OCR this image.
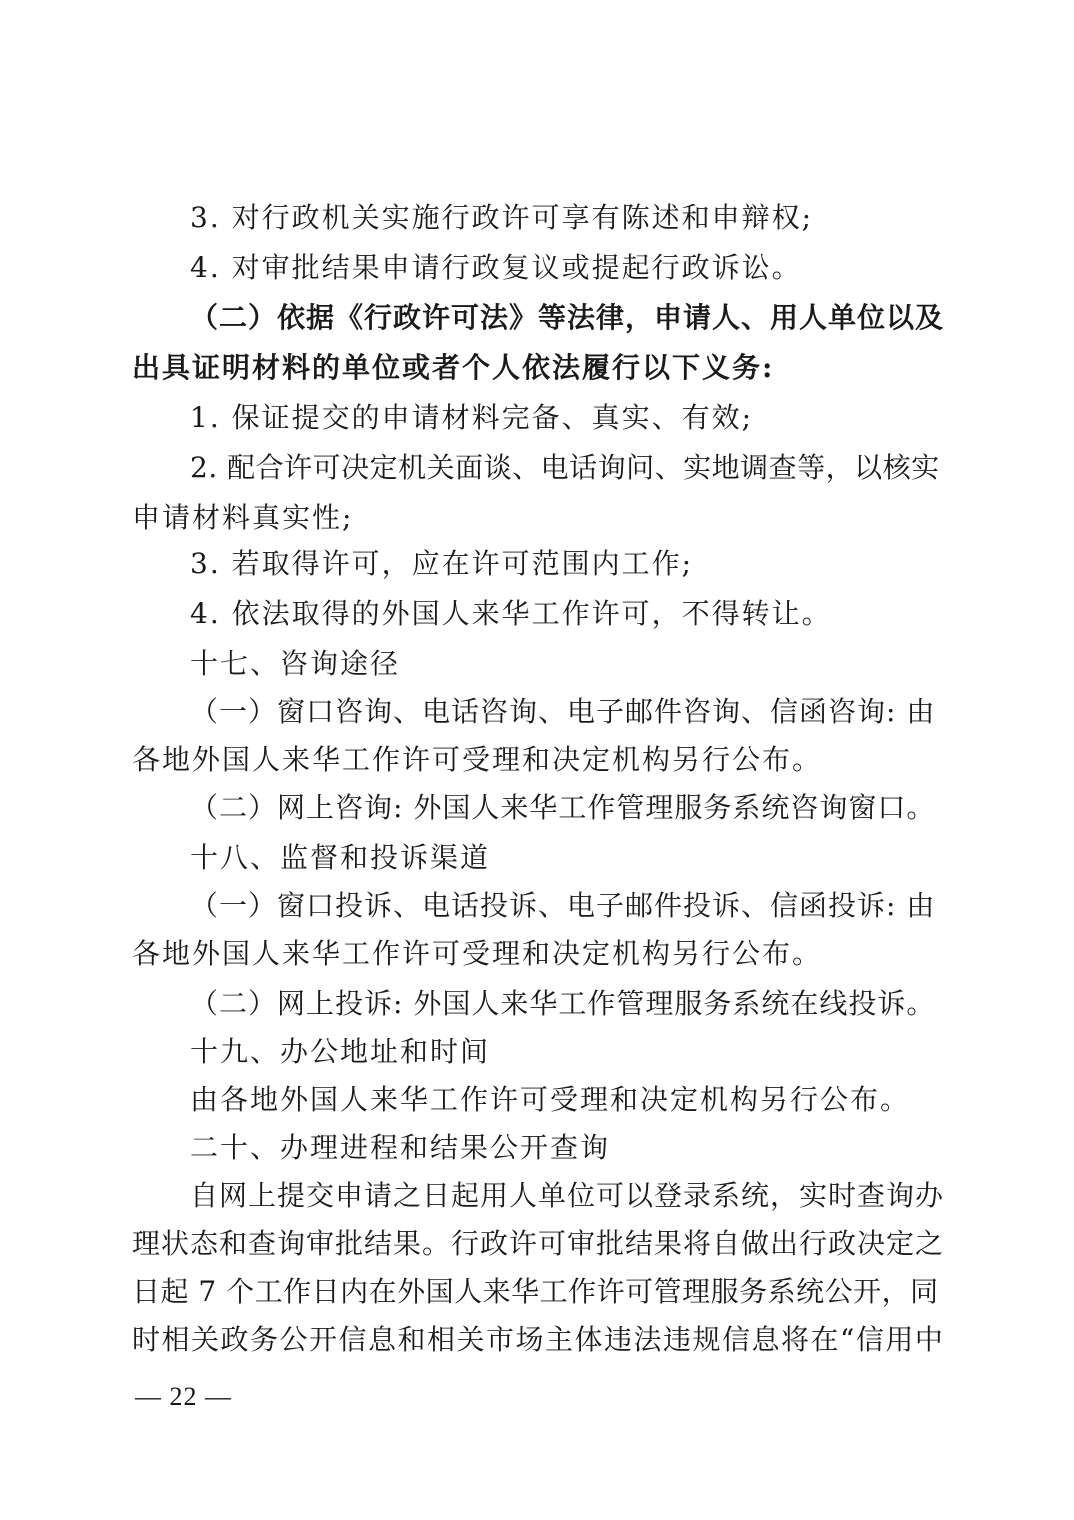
3. 对行政机关实施行政许可享有陈述和申辩权;
4. 对审批结果申请行政复议或提起行政诉讼。
（二）依据《行政许可法》等法律，申请人、用人单位以及
出具证明材料的单位或者个人依法履行以下义务:
1. 保证提交的申请材料完备、真实、有效;
2. 配合许可决定机关面谈、电话询问、实地调查等，以核实
申请材料真实性;
3. 若取得许可，应在许可范围内工作;
4. 依法取得的外国人来华工作许可，不得转让。
十七、咨询途径
（一）窗口咨询、电话咨询、电子邮件咨询、信函咨询: 由
各地外国人来华工作许可受理和决定机构另行公布。
（二）网上咨询: 外国人来华工作管理服务系统咨询窗口。
十八、监督和投诉渠道
（一）窗口投诉、电话投诉、电子邮件投诉、信函投诉: 由
各地外国人来华工作许可受理和决定机构另行公布。
（二）网上投诉: 外国人来华工作管理服务系统在线投诉。
十九、办公地址和时间
由各地外国人来华工作许可受理和决定机构另行公布。
二十、办理进程和结果公开查询
自网上提交申请之日起用人单位可以登录系统，实时查询办
理状态和查询审批结果。行政许可审批结果将自做出行政决定之
日起 7 个工作日内在外国人来华工作许可管理服务系统公开，同
时相关政务公开信息和相关市场主体违法违规信息将在“信用中
— 22 —
